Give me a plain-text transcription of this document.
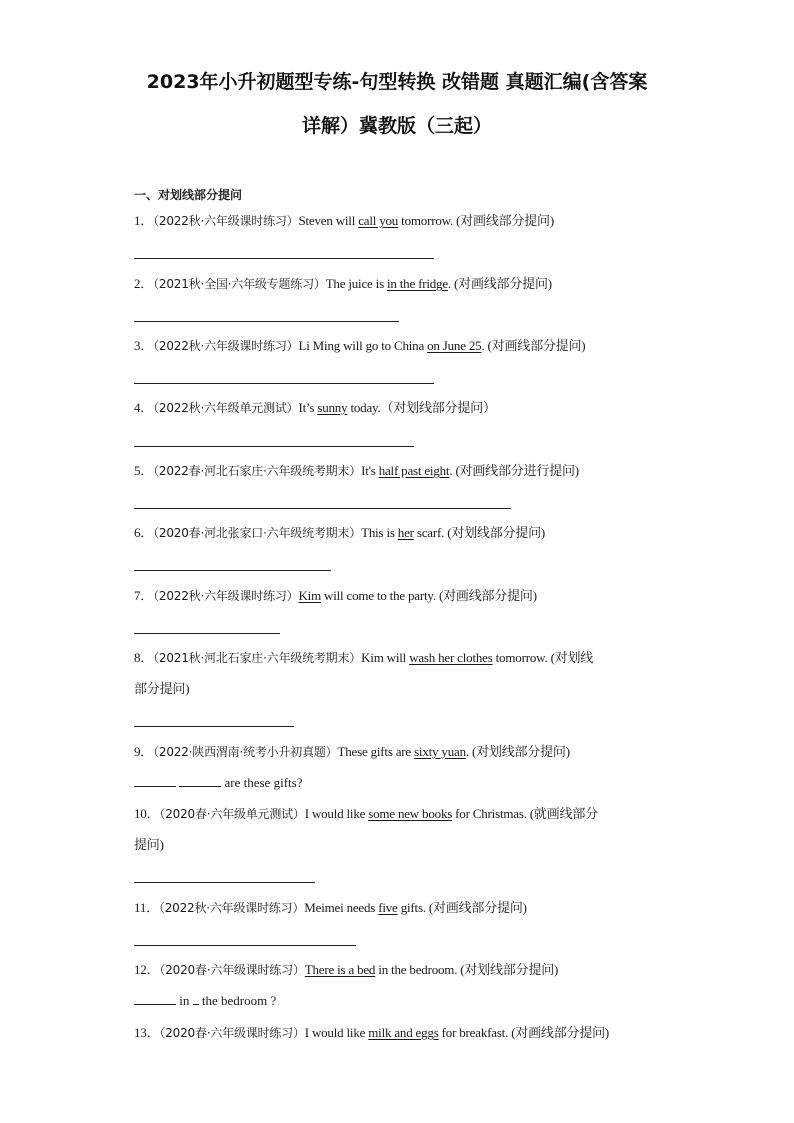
2023年小升初题型专练-句型转换 改错题 真题汇编(含答案
详解）冀教版（三起）
一、对划线部分提问
1．（2022秋·六年级课时练习）Steven will call you tomorrow. (对画线部分提问)
2．（2021秋·全国·六年级专题练习）The juice is in the fridge. (对画线部分提问)
3．（2022秋·六年级课时练习）Li Ming will go to China on June 25. (对画线部分提问)
4．（2022秋·六年级单元测试）It’s sunny today.（对划线部分提问）
5．（2022春·河北石家庄·六年级统考期末）It's half past eight. (对画线部分进行提问)
6．（2020春·河北张家口·六年级统考期末）This is her scarf. (对划线部分提问)
7．（2022秋·六年级课时练习）Kim will come to the party. (对画线部分提问)
8．（2021秋·河北石家庄·六年级统考期末）Kim will wash her clothes tomorrow. (对划线
部分提问)
9．（2022·陕西渭南·统考小升初真题）These gifts are sixty yuan. (对划线部分提问)
are these gifts?
10．（2020春·六年级单元测试）I would like some new books for Christmas. (就画线部分
提问)
11．（2022秋·六年级课时练习）Meimei needs five gifts. (对画线部分提问)
12．（2020春·六年级课时练习）There is a bed in the bedroom. (对划线部分提问)
in the bedroom ?
13．（2020春·六年级课时练习）I would like milk and eggs for breakfast. (对画线部分提问)
